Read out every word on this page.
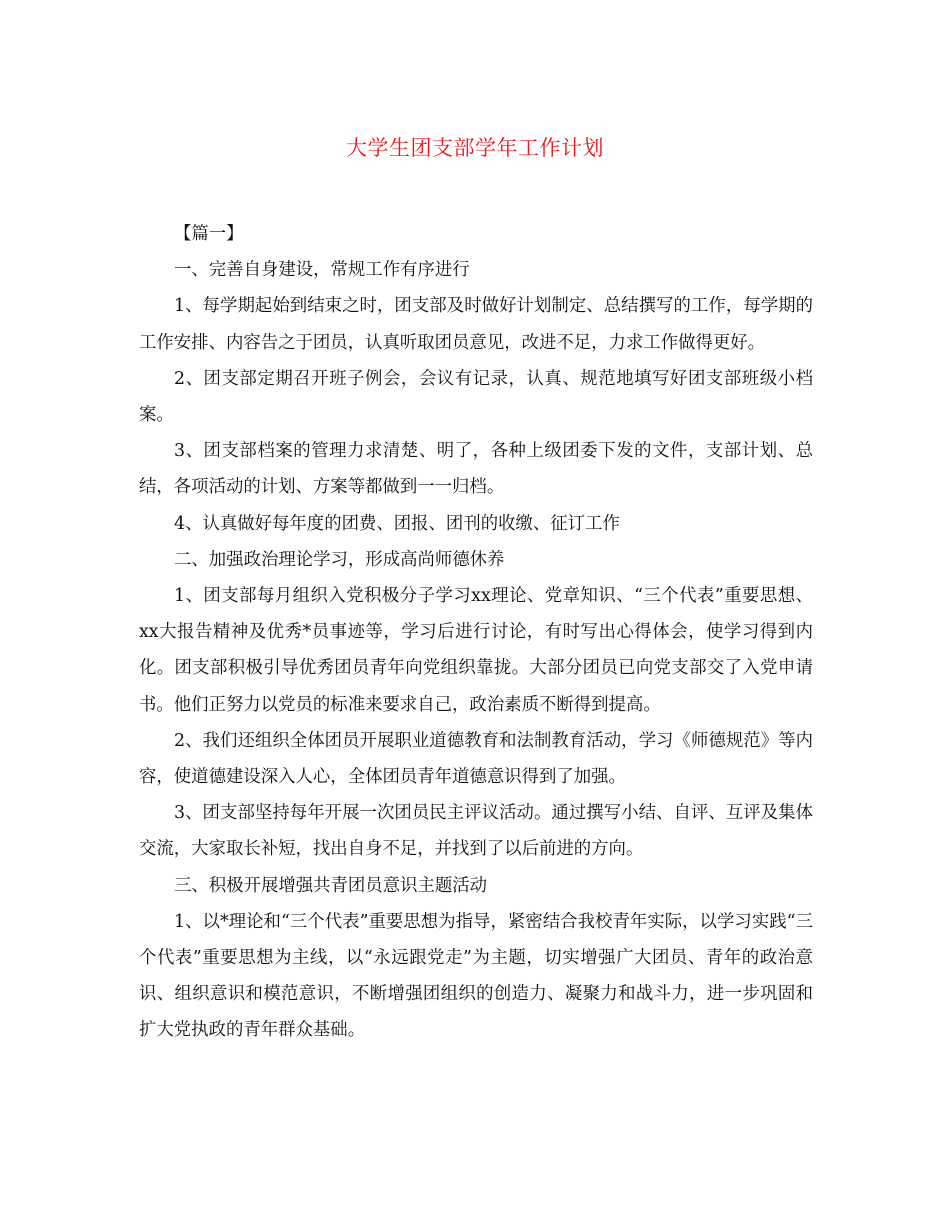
大学生团支部学年工作计划

【篇一】

一、完善自身建设，常规工作有序进行

1、每学期起始到结束之时，团支部及时做好计划制定、总结撰写的工作，每学期的工作安排、内容告之于团员，认真听取团员意见，改进不足，力求工作做得更好。

2、团支部定期召开班子例会，会议有记录，认真、规范地填写好团支部班级小档案。

3、团支部档案的管理力求清楚、明了，各种上级团委下发的文件，支部计划、总结，各项活动的计划、方案等都做到一一归档。

4、认真做好每年度的团费、团报、团刊的收缴、征订工作

二、加强政治理论学习，形成高尚师德休养

1、团支部每月组织入党积极分子学习xx理论、党章知识、“三个代表”重要思想、xx大报告精神及优秀*员事迹等，学习后进行讨论，有时写出心得体会，使学习得到内化。团支部积极引导优秀团员青年向党组织靠拢。大部分团员已向党支部交了入党申请书。他们正努力以党员的标准来要求自己，政治素质不断得到提高。

2、我们还组织全体团员开展职业道德教育和法制教育活动，学习《师德规范》等内容，使道德建设深入人心，全体团员青年道德意识得到了加强。

3、团支部坚持每年开展一次团员民主评议活动。通过撰写小结、自评、互评及集体交流，大家取长补短，找出自身不足，并找到了以后前进的方向。

三、积极开展增强共青团员意识主题活动

1、以*理论和“三个代表”重要思想为指导，紧密结合我校青年实际，以学习实践“三个代表”重要思想为主线，以“永远跟党走”为主题，切实增强广大团员、青年的政治意识、组织意识和模范意识，不断增强团组织的创造力、凝聚力和战斗力，进一步巩固和扩大党执政的青年群众基础。
